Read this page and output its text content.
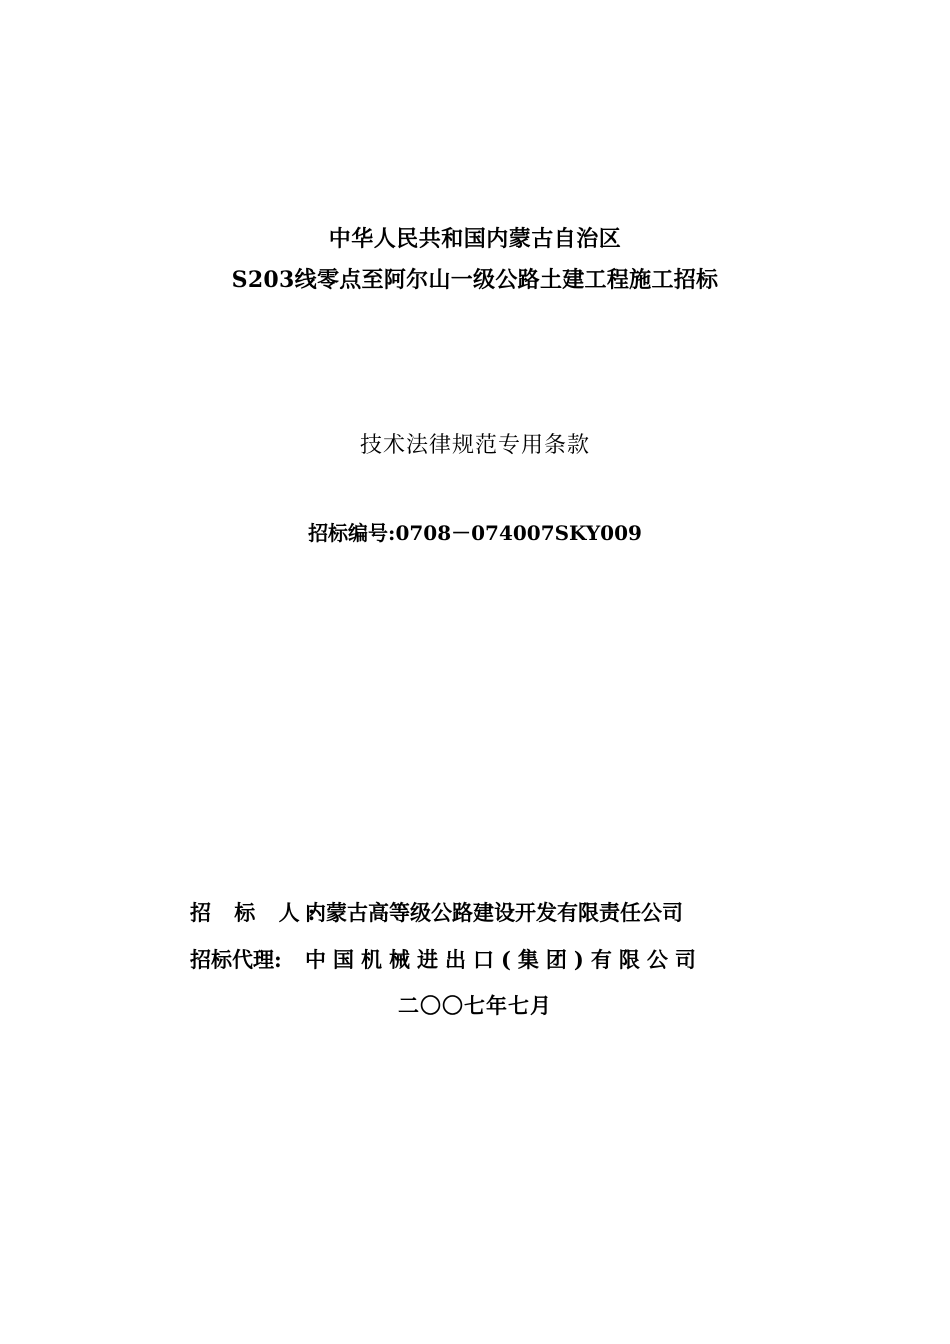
中华人民共和国内蒙古自治区
S203线零点至阿尔山一级公路土建工程施工招标
技术法律规范专用条款
招标编号:0708－074007SKY009
招 标 人:
内蒙古高等级公路建设开发有限责任公司
招标代理:	中国机械进出口(集团)有限公司
二〇〇七年七月
